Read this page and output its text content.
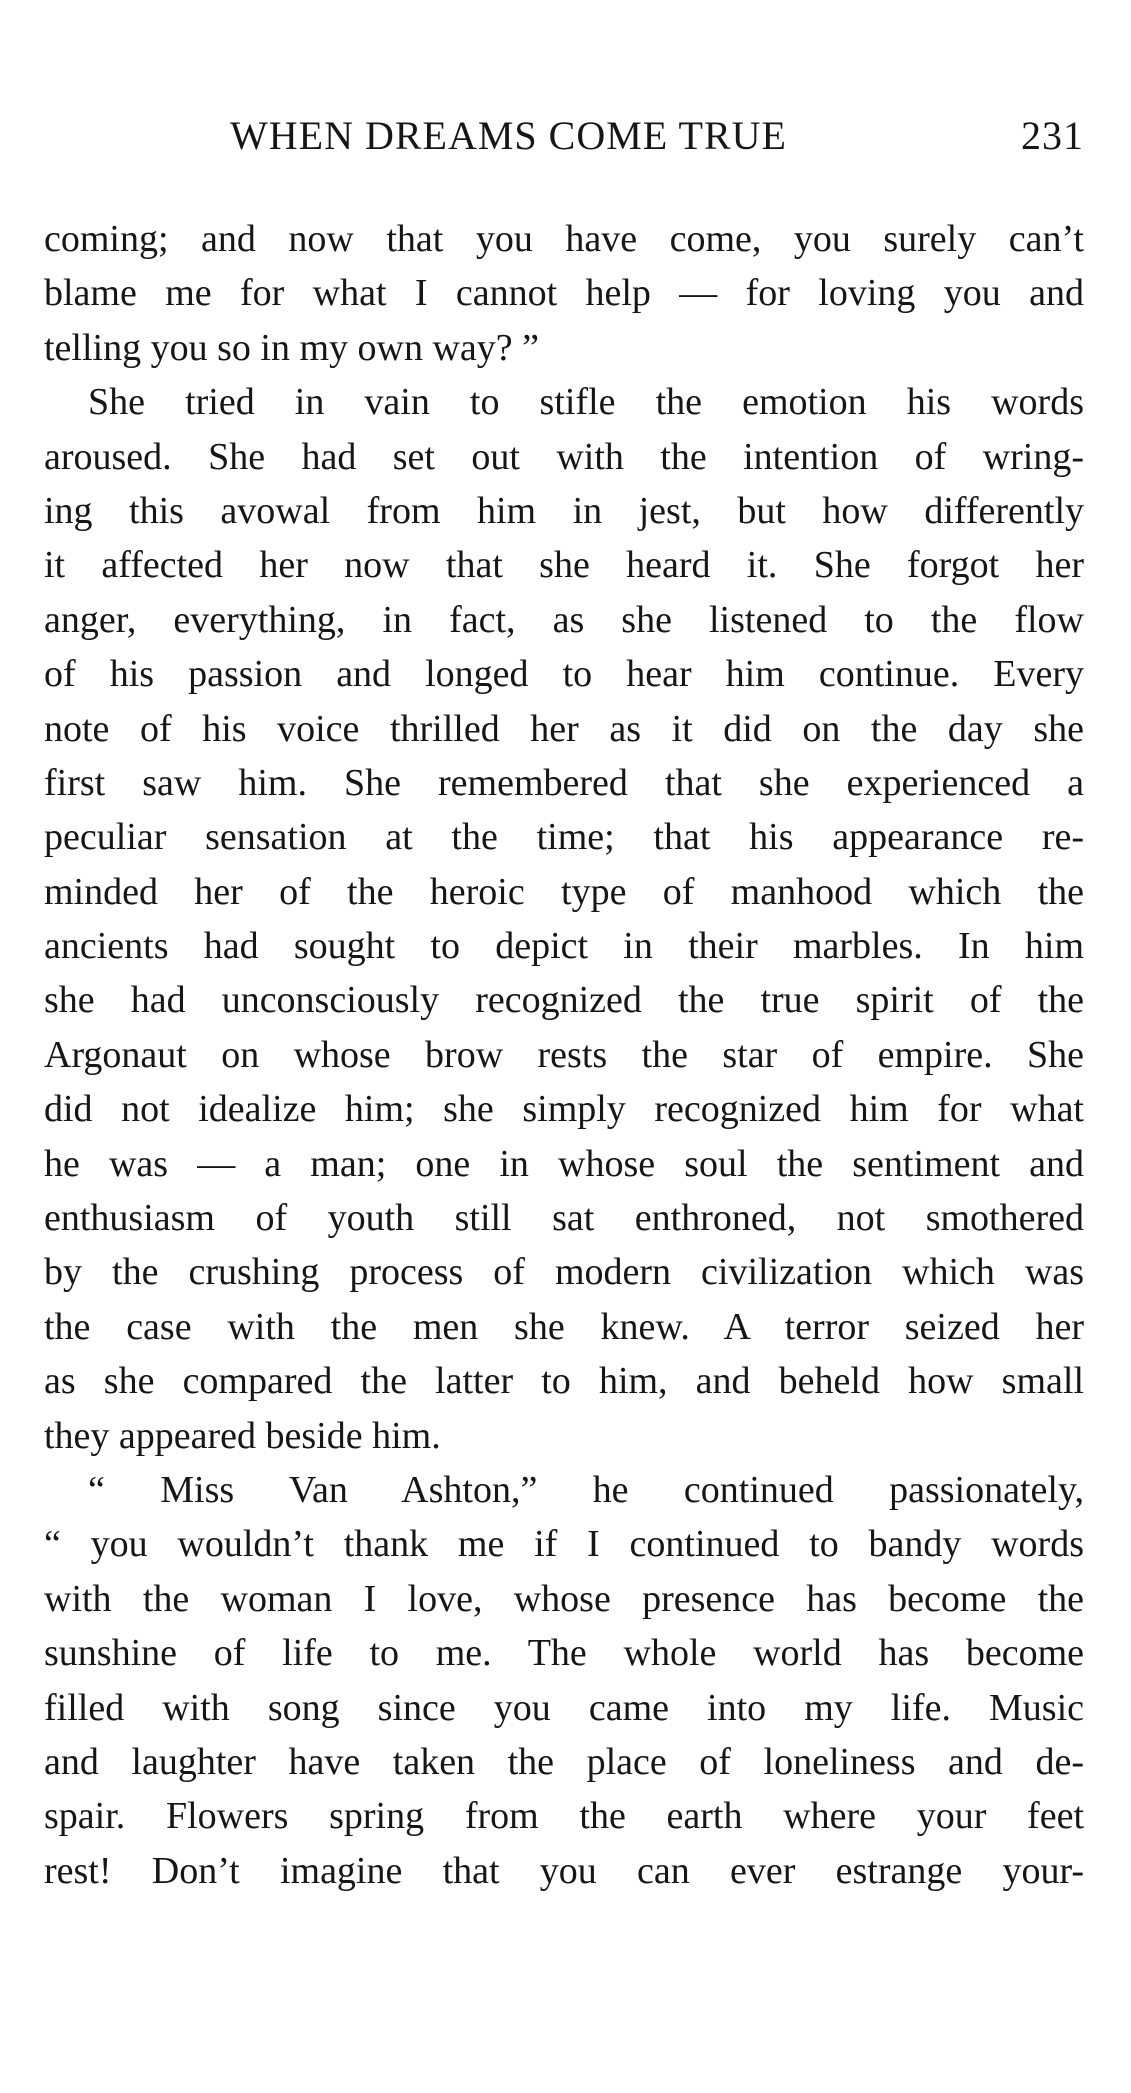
WHEN DREAMS COME TRUE	231
coming; and now that you have come, you surely can’t
blame me for what I cannot help — for loving you and
telling you so in my own way? ”
She tried in vain to stifle the emotion his words
aroused. She had set out with the intention of wring-
ing this avowal from him in jest, but how differently
it affected her now that she heard it. She forgot her
anger, everything, in fact, as she listened to the flow
of his passion and longed to hear him continue. Every
note of his voice thrilled her as it did on the day she
first saw him. She remembered that she experienced a
peculiar sensation at the time; that his appearance re-
minded her of the heroic type of manhood which the
ancients had sought to depict in their marbles. In him
she had unconsciously recognized the true spirit of the
Argonaut on whose brow rests the star of empire. She
did not idealize him; she simply recognized him for what
he was — a man; one in whose soul the sentiment and
enthusiasm of youth still sat enthroned, not smothered
by the crushing process of modern civilization which was
the case with the men she knew. A terror seized her
as she compared the latter to him, and beheld how small
they appeared beside him.
“ Miss Van Ashton,” he continued passionately,
“ you wouldn’t thank me if I continued to bandy words
with the woman I love, whose presence has become the
sunshine of life to me. The whole world has become
filled with song since you came into my life. Music
and laughter have taken the place of loneliness and de-
spair. Flowers spring from the earth where your feet
rest! Don’t imagine that you can ever estrange your-
